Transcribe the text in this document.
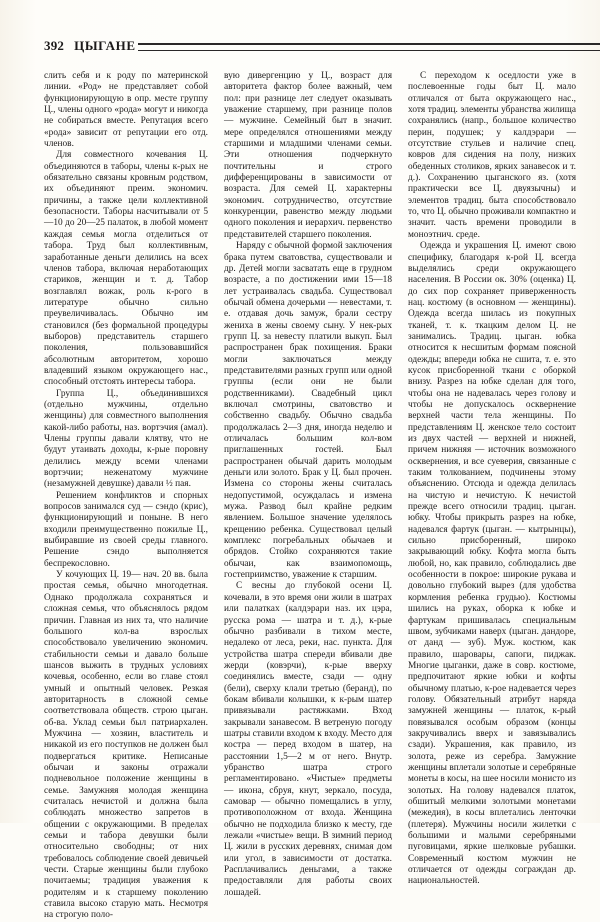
392 ЦЫГАНЕ

слить себя и к роду по материнской линии. «Род» не представляет собой функционирующую в опр. месте группу Ц., члены одного «рода» могут и никогда не собираться вместе. Репутация всего «рода» зависит от репутации его отд. членов.

Для совместного кочевания Ц. объединяются в таборы, члены к-рых не обязательно связаны кровным родством, их объединяют преим. экономич. причины, а также цели коллективной безопасности. Таборы насчитывали от 5—10 до 20—25 палаток, в любой момент каждая семья могла отделиться от табора. Труд был коллективным, заработанные деньги делились на всех членов табора, включая неработающих стариков, женщин и т. д. Табор возглавлял вожак, роль к-рого в литературе обычно сильно преувеличивалась. Обычно им становился (без формальной процедуры выборов) представитель старшего поколения, пользовавшийся абсолютным авторитетом, хорошо владевший языком окружающего нас., способный отстоять интересы табора.

Группа Ц., объединившихся (отдельно мужчины, отдельно женщины) для совместного выполнения какой-либо работы, наз. вортэчия (амал). Члены группы давали клятву, что не будут утаивать доходы, к-рые поровну делились между всеми членами вортэчии; неженатому мужчине (незамужней девушке) давали ½ пая.

Решением конфликтов и спорных вопросов занимался суд — сэндо (крис), функционирующий и поныне. В него входили преимущественно пожилые Ц., выбиравшие из своей среды главного. Решение сэндо выполняется беспрекословно.

У кочующих Ц. 19— нач. 20 вв. была простая семья, обычно многодетная. Однако продолжала сохраняться и сложная семья, что объяснялось рядом причин. Главная из них та, что наличие большого кол-ва взрослых способствовало увеличению экономич. стабильности семьи и давало больше шансов выжить в трудных условиях кочевья, особенно, если во главе стоял умный и опытный человек. Резкая авторитарность в сложной семье соответствовала обществ. строю цыган. об-ва. Уклад семьи был патриархален. Мужчина — хозяин, властитель и никакой из его поступков не должен был подвергаться критике. Неписаные обычаи и законы отражали подневольное положение женщины в семье. Замужняя молодая женщина считалась нечистой и должна была соблюдать множество запретов в общении с окружающими. В пределах семьи и табора девушки были относительно свободны; от них требовалось соблюдение своей девичьей чести. Старые женщины были глубоко почитаемы; традиция уважения к родителям и к старшему поколению ставила высоко старую мать. Несмотря на строгую поло-

вую дивергенцию у Ц., возраст для авторитета фактор более важный, чем пол: при разнице лет следует оказывать уважение старшему, при разнице полов — мужчине. Семейный быт в значит. мере определялся отношениями между старшими и младшими членами семьи. Эти отношения подчеркнуто почтительны и строго дифференцированы в зависимости от возраста. Для семей Ц. характерны экономич. сотрудничество, отсутствие конкуренции, равенство между людьми одного поколения и иерархич. первенство представителей старшего поколения.

Наряду с обычной формой заключения брака путем сватовства, существовали и др. Детей могли засватать еще в грудном возрасте, а по достижении ими 15—18 лет устраивалась свадьба. Существовал обычай обмена дочерьми — невестами, т. е. отдавая дочь замуж, брали сестру жениха в жены своему сыну. У нек-рых групп Ц. за невесту платили выкуп. Был распространен брак похищения. Браки могли заключаться между представителями разных групп или одной группы (если они не были родственниками). Свадебный цикл включал смотрины, сватовство и собственно свадьбу. Обычно свадьба продолжалась 2—3 дня, иногда неделю и отличалась большим кол-вом приглашенных гостей. Был распространен обычай дарить молодым деньги или золото. Брак у Ц. был прочен. Измена со стороны жены считалась недопустимой, осуждалась и измена мужа. Развод был крайне редким явлением. Большое значение уделялось крещению ребенка. Существовал целый комплекс погребальных обычаев и обрядов. Стойко сохраняются такие обычаи, как взаимопомощь, гостеприимство, уважение к старшим.

С весны до глубокой осени Ц. кочевали, в это время они жили в шатрах или палатках (калдэрари наз. их цэра, русска рома — шатра и т. д.), к-рые обычно разбивали в тихом месте, недалеко от леса, реки, нас. пункта. Для устройства шатра спереди вбивали две жерди (ковэрчи), к-рые вверху соединялись вместе, сзади — одну (бели), сверху клали третью (беранд), по бокам вбивали колышки, к к-рым шатер привязывали растяжками. Вход закрывали занавесом. В ветреную погоду шатры ставили входом к входу. Место для костра — перед входом в шатер, на расстоянии 1,5—2 м от него. Внутр. убранство шатра строго регламентировано. «Чистые» предметы — икона, сбруя, кнут, зеркало, посуда, самовар — обычно помещались в углу, противоположном от входа. Женщина обычно не подходила близко к месту, где лежали «чистые» вещи. В зимний период Ц. жили в русских деревнях, снимая дом или угол, в зависимости от достатка. Расплачивались деньгами, а также предоставляли для работы своих лошадей.

С переходом к оседлости уже в послевоенные годы быт Ц. мало отличался от быта окружающего нас., хотя традиц. элементы убранства жилища сохранялись (напр., большое количество перин, подушек; у калдэрари — отсутствие стульев и наличие спец. ковров для сидения на полу, низких обеденных столиков, ярких занавесок и т. д.). Сохранению цыганского яз. (хотя практически все Ц. двуязычны) и элементов традиц. быта способствовало то, что Ц. обычно проживали компактно и значит. часть времени проводили в моноэтнич. среде.

Одежда и украшения Ц. имеют свою специфику, благодаря к-рой Ц. всегда выделялись среди окружающего населения. В России ок. 30% (оценка) Ц. до сих пор сохраняет приверженность нац. костюму (в основном — женщины). Одежда всегда шилась из покупных тканей, т. к. ткацким делом Ц. не занимались. Традиц. цыган. юбка относится к несшитым формам поясной одежды; впереди юбка не сшита, т. е. это кусок присборенной ткани с оборкой внизу. Разрез на юбке сделан для того, чтобы она не надевалась через голову и чтобы не допускалось осквернение верхней части тела женщины. По представлениям Ц. женское тело состоит из двух частей — верхней и нижней, причем нижняя — источник возможного осквернения, и все суеверия, связанные с таким толкованием, подчинены этому объяснению. Отсюда и одежда делилась на чистую и нечистую. К нечистой прежде всего относили традиц. цыган. юбку. Чтобы прикрыть разрез на юбке, надевался фартук (цыган. — кытрынцы), сильно присборенный, широко закрывающий юбку. Кофта могла быть любой, но, как правило, соблюдались две особенности в покрое: широкие рукава и довольно глубокий вырез (для удобства кормления ребенка грудью). Костюмы шились на руках, оборка к юбке и фартукам пришивалась специальным швом, зубчиками наверх (цыган. дандоре, от данд — зуб). Муж. костюм, как правило, шаровары, сапоги, пиджак. Многие цыганки, даже в совр. костюме, предпочитают яркие юбки и кофты обычному платью, к-рое надевается через голову. Обязательный атрибут наряда замужней женщины — платок, к-рый повязывался особым образом (концы закручивались вверх и завязывались сзади). Украшения, как правило, из золота, реже из серебра. Замужние женщины вплетали золотые и серебряные монеты в косы, на шее носили монисто из золотых. На голову надевался платок, обшитый мелкими золотыми монетами (межедия), в косы вплетались ленточки (плетеря). Мужчины носили жилетки с большими и малыми серебряными пуговицами, яркие шелковые рубашки. Современный костюм мужчин не отличается от одежды сограждан др. национальностей.
